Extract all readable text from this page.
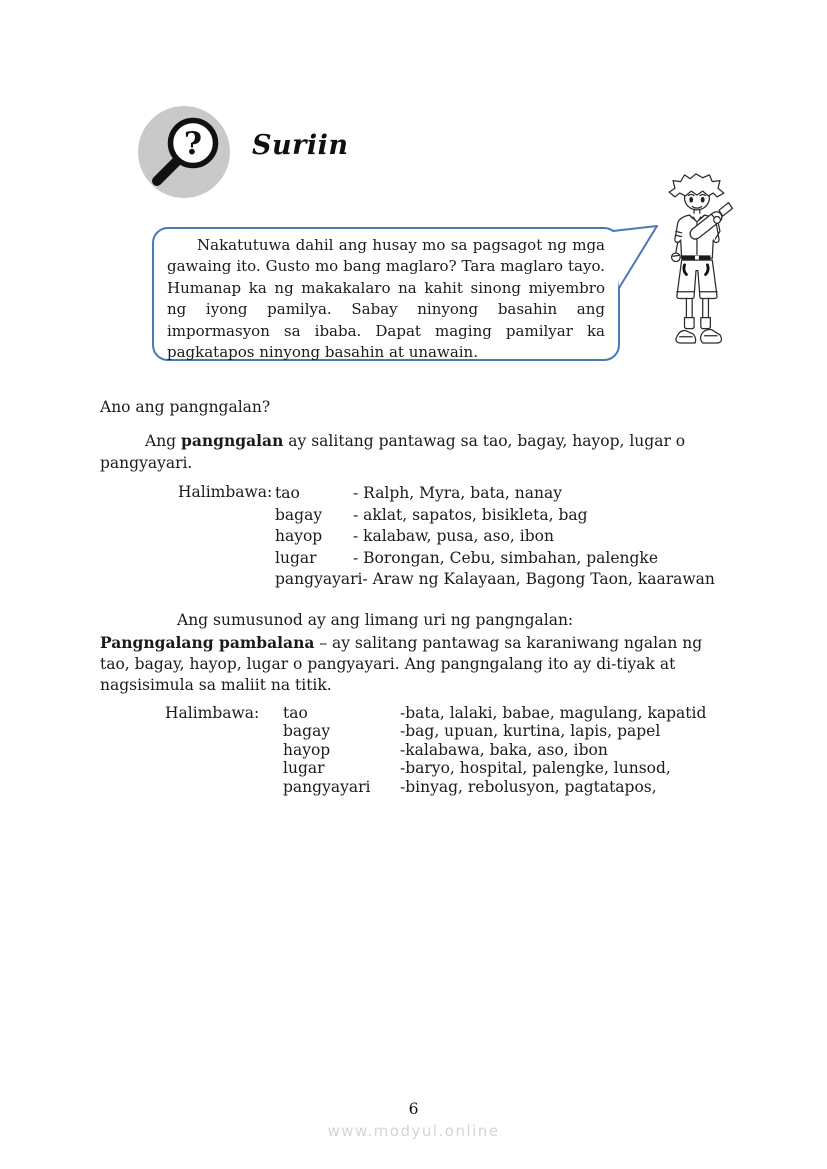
? Suriin

Nakatutuwa dahil ang husay mo sa pagsagot ng mga gawaing ito. Gusto mo bang maglaro? Tara maglaro tayo. Humanap ka ng makakalaro na kahit sinong miyembro ng iyong pamilya. Sabay ninyong basahin ang impormasyon sa ibaba. Dapat maging pamilyar ka pagkatapos ninyong basahin at unawain.

Ano ang pangngalan?

Ang pangngalan ay salitang pantawag sa tao, bagay, hayop, lugar o pangyayari.

Halimbawa: tao	- Ralph, Myra, bata, nanay
bagay	- aklat, sapatos, bisikleta, bag
hayop	- kalabaw, pusa, aso, ibon
lugar	- Borongan, Cebu, simbahan, palengke
pangyayari - Araw ng Kalayaan, Bagong Taon, kaarawan

Ang sumusunod ay ang limang uri ng pangngalan:

Pangngalang pambalana – ay salitang pantawag sa karaniwang ngalan ng tao, bagay, hayop, lugar o pangyayari. Ang pangngalang ito ay di-tiyak at nagsisimula sa maliit na titik.

Halimbawa: tao	-bata, lalaki, babae, magulang, kapatid
bagay	-bag, upuan, kurtina, lapis, papel
hayop	-kalabawa, baka, aso, ibon
lugar	-baryo, hospital, palengke, lunsod,
pangyayari	-binyag, rebolusyon, pagtatapos,

6

www.modyul.online
